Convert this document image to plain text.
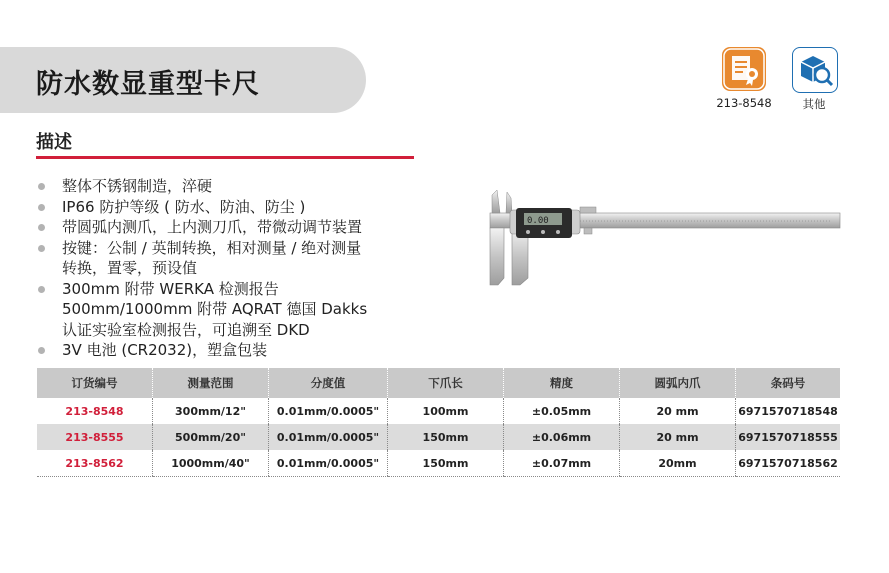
防水数显重型卡尺
描述
整体不锈钢制造，淬硬
IP66 防护等级 ( 防水、防油、防尘 )
带圆弧内测爪，上内测刀爪，带微动调节装置
按键：公制 / 英制转换，相对测量 / 绝对测量
转换，置零，预设值
300mm 附带 WERKA 检测报告
500mm/1000mm 附带 AQRAT 德国 Dakks
认证实验室检测报告，可追溯至 DKD
3V 电池 (CR2032)，塑盒包装
213-8548	其他
0.00
订货编号	测量范围	分度值	下爪长	精度	圆弧内爪	条码号
213-8548	300mm/12"	0.01mm/0.0005"	100mm	±0.05mm	20 mm	6971570718548
213-8555	500mm/20"	0.01mm/0.0005"	150mm	±0.06mm	20 mm	6971570718555
213-8562	1000mm/40"	0.01mm/0.0005"	150mm	±0.07mm	20mm	6971570718562
